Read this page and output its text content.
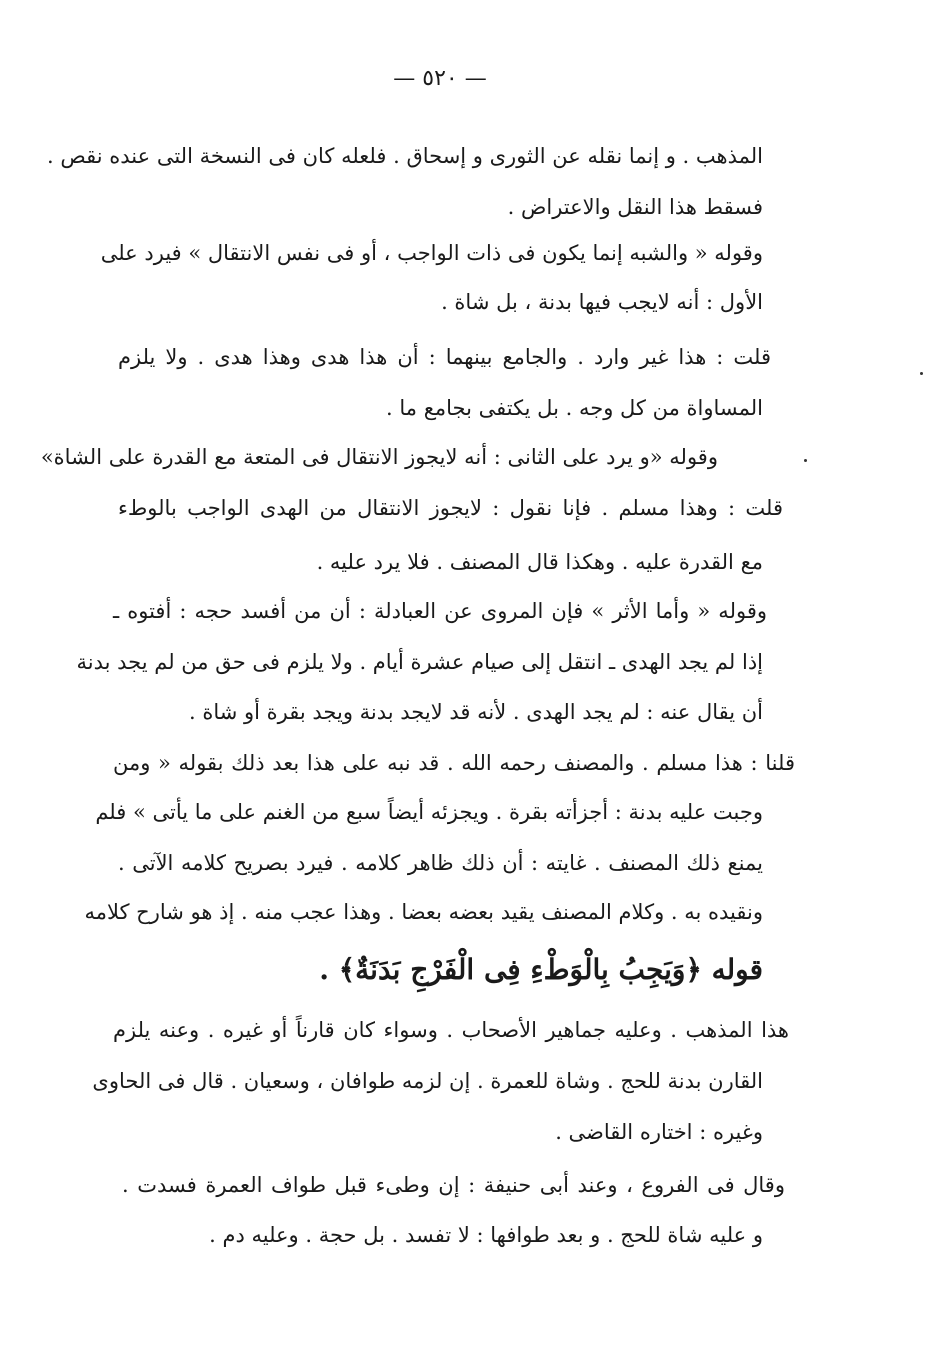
— ٥٢٠ —
المذهب . و إنما نقله عن الثورى و إسحاق . فلعله كان فى النسخة التى عنده نقص .
فسقط هذا النقل والاعتراض .
وقوله « والشبه إنما يكون فى ذات الواجب ، أو فى نفس الانتقال » فيرد على
الأول : أنه لايجب فيها بدنة ، بل شاة .
قلت : هذا غير وارد . والجامع بينهما : أن هذا هدى وهذا هدى . ولا يلزم
المساواة من كل وجه . بل يكتفى بجامع ما .
وقوله «و يرد على الثانى : أنه لايجوز الانتقال فى المتعة مع القدرة على الشاة»
قلت : وهذا مسلم . فإنا نقول : لايجوز الانتقال من الهدى الواجب بالوطء
مع القدرة عليه . وهكذا قال المصنف . فلا يرد عليه .
وقوله « وأما الأثر » فإن المروى عن العبادلة : أن من أفسد حجه : أفتوه ـ
إذا لم يجد الهدى ـ انتقل إلى صيام عشرة أيام . ولا يلزم فى حق من لم يجد بدنة
أن يقال عنه : لم يجد الهدى . لأنه قد لايجد بدنة ويجد بقرة أو شاة .
قلنا : هذا مسلم . والمصنف رحمه الله . قد نبه على هذا بعد ذلك بقوله « ومن
وجبت عليه بدنة : أجزأته بقرة . ويجزئه أيضاً سبع من الغنم على ما يأتى » فلم
يمنع ذلك المصنف . غايته : أن ذلك ظاهر كلامه . فيرد بصريح كلامه الآتى .
ونقيده به . وكلام المصنف يقيد بعضه بعضا . وهذا عجب منه . إذ هو شارح كلامه
قوله ﴿وَيَجِبُ بِالْوَطْءِ فِى الْفَرْجِ بَدَنَةٌ﴾ .
هذا المذهب . وعليه جماهير الأصحاب . وسواء كان قارناً أو غيره . وعنه يلزم
القارن بدنة للحج . وشاة للعمرة . إن لزمه طوافان ، وسعيان . قال فى الحاوى
وغيره : اختاره القاضى .
وقال فى الفروع ، وعند أبى حنيفة : إن وطىء قبل طواف العمرة فسدت .
و عليه شاة للحج . و بعد طوافها : لا تفسد . بل حجة . وعليه دم .
